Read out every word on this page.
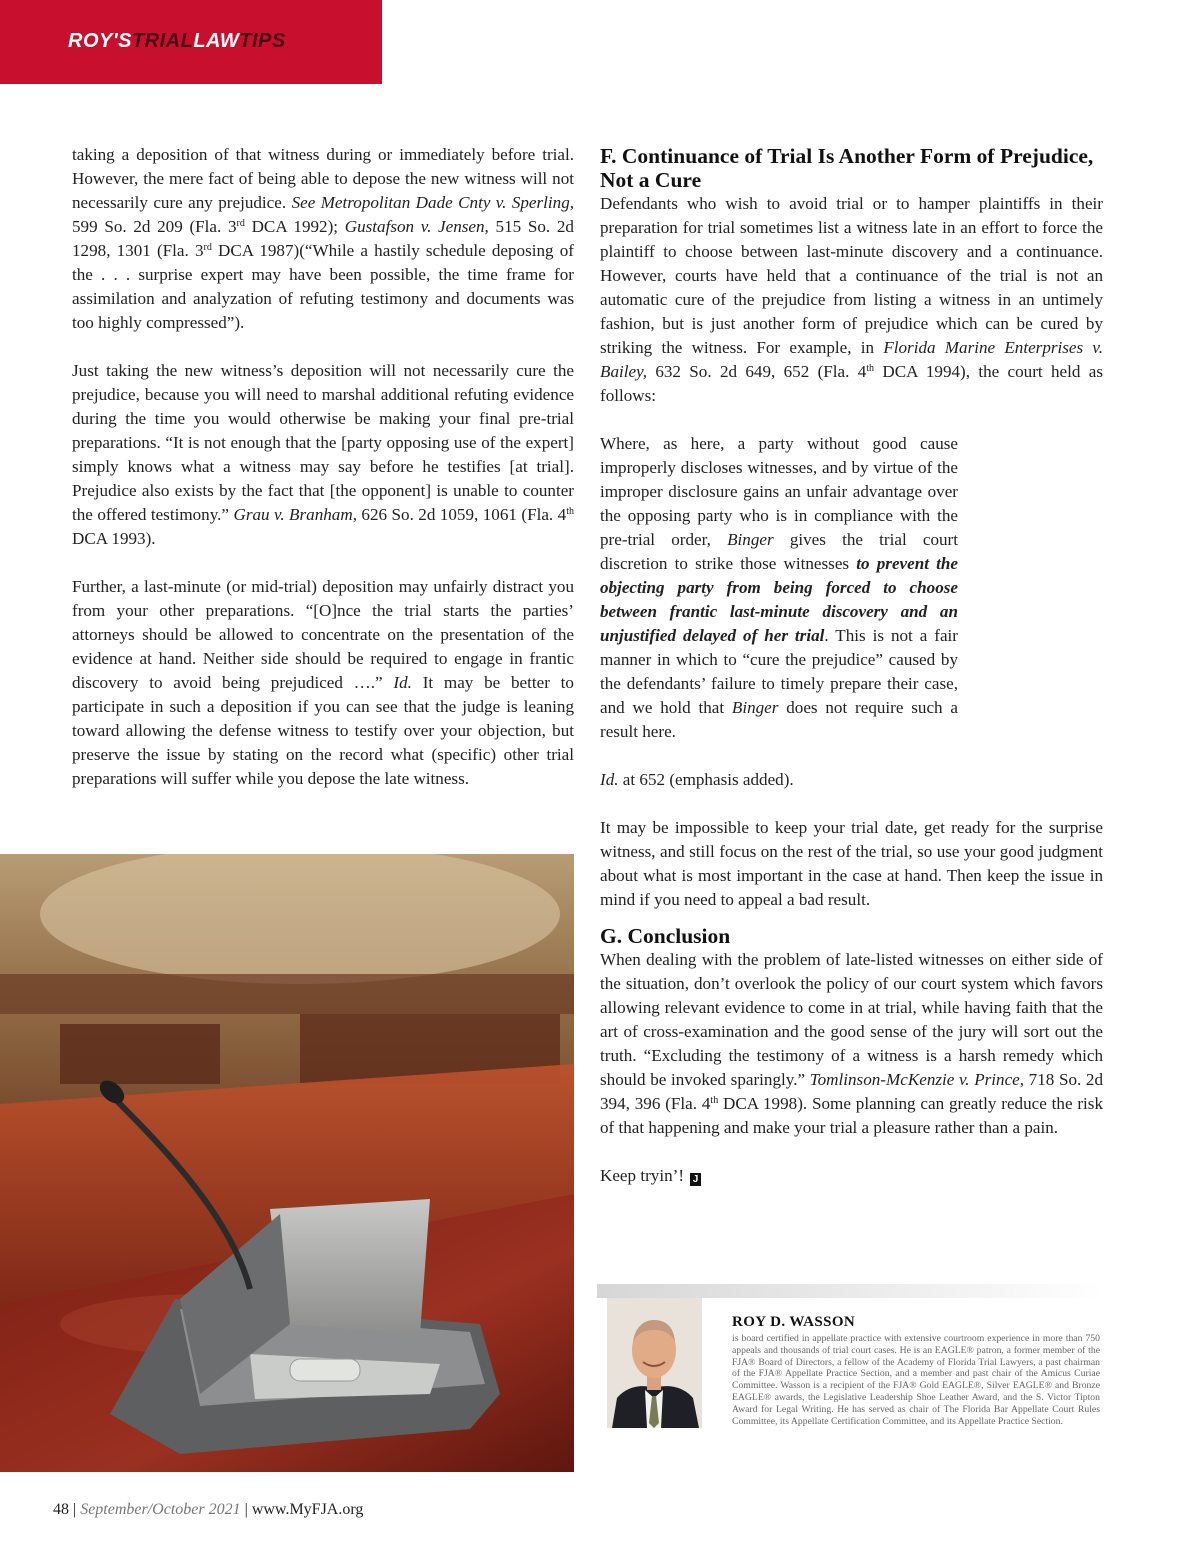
ROY'STRIALLAWTIPS

taking a deposition of that witness during or immediately before trial. However, the mere fact of being able to depose the new witness will not necessarily cure any prejudice. See Metropolitan Dade Cnty v. Sperling, 599 So. 2d 209 (Fla. 3rd DCA 1992); Gustafson v. Jensen, 515 So. 2d 1298, 1301 (Fla. 3rd DCA 1987)(“While a hastily schedule deposing of the . . . surprise expert may have been possible, the time frame for assimilation and analyzation of refuting testimony and documents was too highly compressed”).

Just taking the new witness’s deposition will not necessarily cure the prejudice, because you will need to marshal additional refuting evidence during the time you would otherwise be making your final pre-trial preparations. “It is not enough that the [party opposing use of the expert] simply knows what a witness may say before he testifies [at trial]. Prejudice also exists by the fact that [the opponent] is unable to counter the offered testimony.” Grau v. Branham, 626 So. 2d 1059, 1061 (Fla. 4th DCA 1993).

Further, a last-minute (or mid-trial) deposition may unfairly distract you from your other preparations. “[O]nce the trial starts the parties’ attorneys should be allowed to concentrate on the presentation of the evidence at hand. Neither side should be required to engage in frantic discovery to avoid being prejudiced ….” Id. It may be better to participate in such a deposition if you can see that the judge is leaning toward allowing the defense witness to testify over your objection, but preserve the issue by stating on the record what (specific) other trial preparations will suffer while you depose the late witness.

F. Continuance of Trial Is Another Form of Prejudice, Not a Cure

Defendants who wish to avoid trial or to hamper plaintiffs in their preparation for trial sometimes list a witness late in an effort to force the plaintiff to choose between last-minute discovery and a continuance. However, courts have held that a continuance of the trial is not an automatic cure of the prejudice from listing a witness in an untimely fashion, but is just another form of prejudice which can be cured by striking the witness. For example, in Florida Marine Enterprises v. Bailey, 632 So. 2d 649, 652 (Fla. 4th DCA 1994), the court held as follows:

Where, as here, a party without good cause improperly discloses witnesses, and by virtue of the improper disclosure gains an unfair advantage over the opposing party who is in compliance with the pre-trial order, Binger gives the trial court discretion to strike those witnesses to prevent the objecting party from being forced to choose between frantic last-minute discovery and an unjustified delayed of her trial. This is not a fair manner in which to “cure the prejudice” caused by the defendants’ failure to timely prepare their case, and we hold that Binger does not require such a result here.

Id. at 652 (emphasis added).

It may be impossible to keep your trial date, get ready for the surprise witness, and still focus on the rest of the trial, so use your good judgment about what is most important in the case at hand. Then keep the issue in mind if you need to appeal a bad result.

G. Conclusion

When dealing with the problem of late-listed witnesses on either side of the situation, don’t overlook the policy of our court system which favors allowing relevant evidence to come in at trial, while having faith that the art of cross-examination and the good sense of the jury will sort out the truth. “Excluding the testimony of a witness is a harsh remedy which should be invoked sparingly.” Tomlinson-McKenzie v. Prince, 718 So. 2d 394, 396 (Fla. 4th DCA 1998). Some planning can greatly reduce the risk of that happening and make your trial a pleasure rather than a pain.

Keep tryin’! J

ROY D. WASSON
is board certified in appellate practice with extensive courtroom experience in more than 750 appeals and thousands of trial court cases. He is an EAGLE® patron, a former member of the FJA® Board of Directors, a fellow of the Academy of Florida Trial Lawyers, a past chairman of the FJA® Appellate Practice Section, and a member and past chair of the Amicus Curiae Committee. Wasson is a recipient of the FJA® Gold EAGLE®, Silver EAGLE® and Bronze EAGLE® awards, the Legislative Leadership Shoe Leather Award, and the S. Victor Tipton Award for Legal Writing. He has served as chair of The Florida Bar Appellate Court Rules Committee, its Appellate Certification Committee, and its Appellate Practice Section.
48 | September/October 2021 | www.MyFJA.org
